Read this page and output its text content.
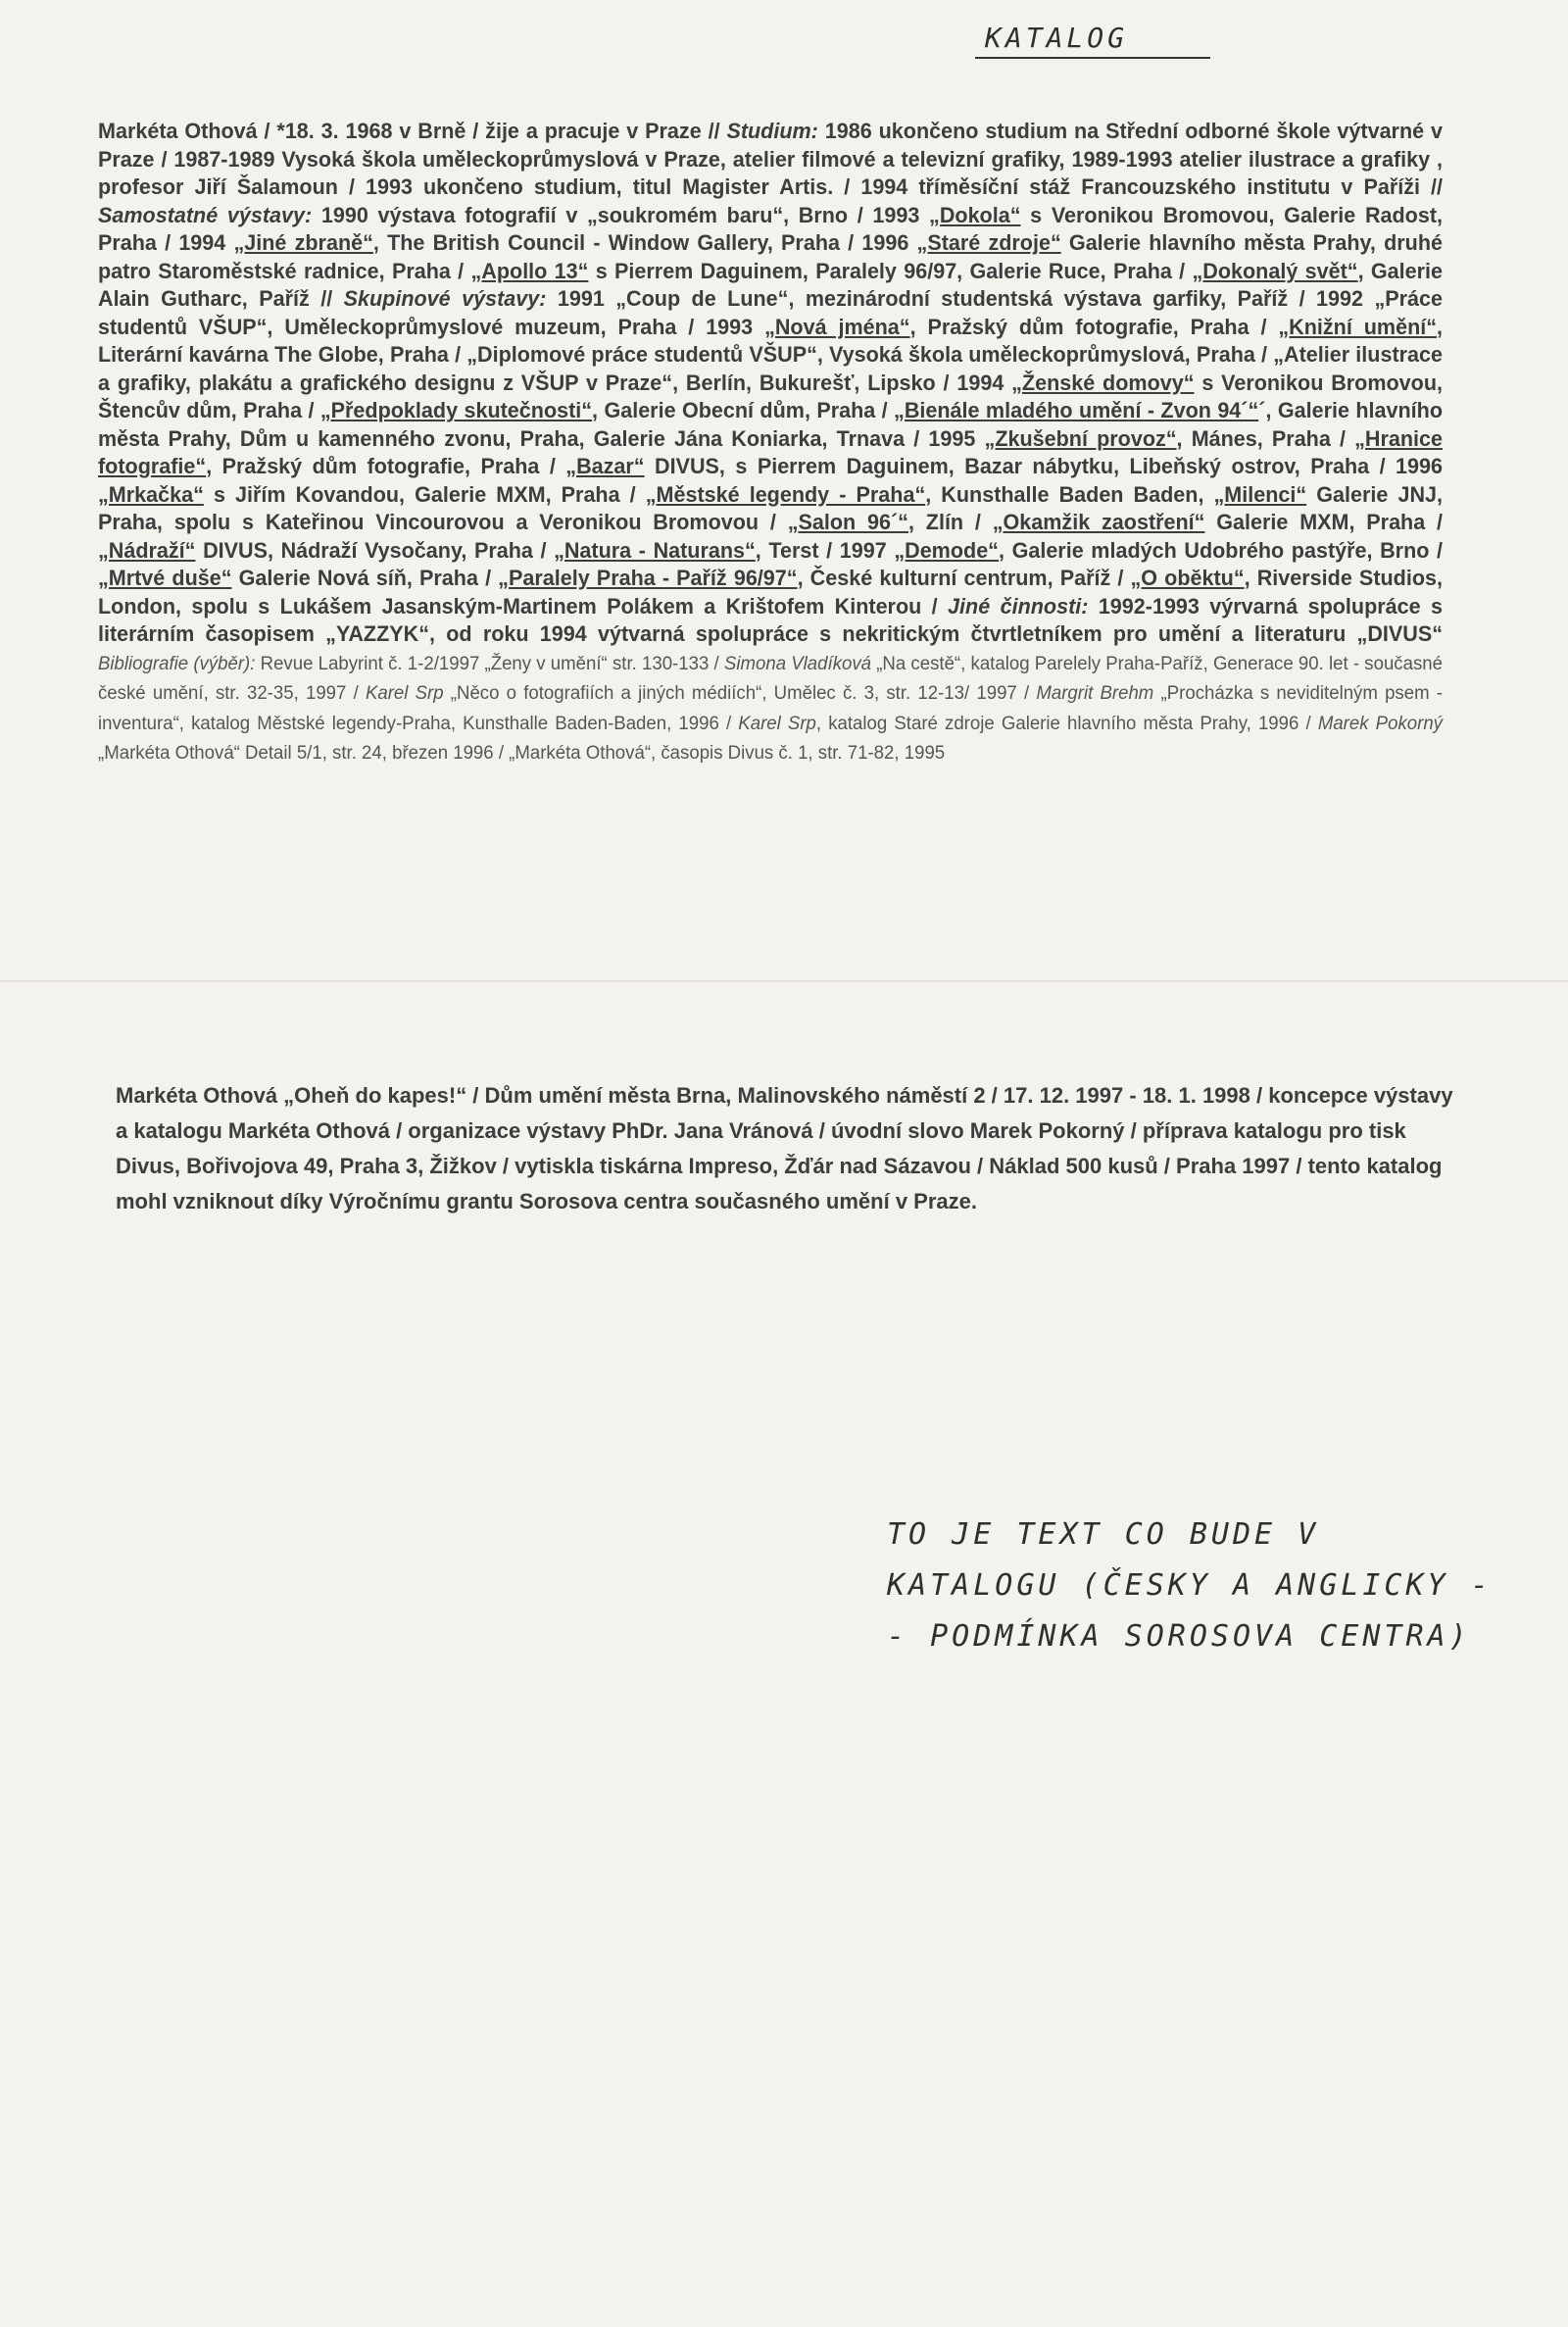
KATALOG
Markéta Othová / *18. 3. 1968 v Brně / žije a pracuje v Praze // Studium: 1986 ukončeno studium na Střední odborné škole výtvarné v Praze / 1987-1989 Vysoká škola uměleckoprůmyslová v Praze, atelier filmové a televizní grafiky, 1989-1993 atelier ilustrace a grafiky , profesor Jiří Šalamoun / 1993 ukončeno studium, titul Magister Artis. / 1994 tříměsíční stáž Francouzského institutu v Paříži // Samostatné výstavy: 1990 výstava fotografií v „soukromém baru“, Brno / 1993 „Dokola“ s Veronikou Bromovou, Galerie Radost, Praha / 1994 „Jiné zbraně“, The British Council - Window Gallery, Praha / 1996 „Staré zdroje“ Galerie hlavního města Prahy, druhé patro Staroměstské radnice, Praha / „Apollo 13“ s Pierrem Daguinem, Paralely 96/97, Galerie Ruce, Praha / „Dokonalý svět“, Galerie Alain Gutharc, Paříž // Skupinové výstavy: 1991 „Coup de Lune“, mezinárodní studentská výstava garfiky, Paříž / 1992 „Práce studentů VŠUP“, Uměleckoprůmyslové muzeum, Praha / 1993 „Nová jména“, Pražský dům fotografie, Praha / „Knižní umění“, Literární kavárna The Globe, Praha / „Diplomové práce studentů VŠUP“, Vysoká škola uměleckoprůmyslová, Praha / „Atelier ilustrace a grafiky, plakátu a grafického designu z VŠUP v Praze“, Berlín, Bukurešť, Lipsko / 1994 „Ženské domovy“ s Veronikou Bromovou, Štencův dům, Praha / „Předpoklady skutečnosti“, Galerie Obecní dům, Praha / „Bienále mladého umění - Zvon 94´“´, Galerie hlavního města Prahy, Dům u kamenného zvonu, Praha, Galerie Jána Koniarka, Trnava / 1995 „Zkušební provoz“, Mánes, Praha / „Hranice fotografie“, Pražský dům fotografie, Praha / „Bazar“ DIVUS, s Pierrem Daguinem, Bazar nábytku, Libeňský ostrov, Praha / 1996 „Mrkačka“ s Jiřím Kovandou, Galerie MXM, Praha / „Městské legendy - Praha“, Kunsthalle Baden Baden, „Milenci“ Galerie JNJ, Praha, spolu s Kateřinou Vincourovou a Veronikou Bromovou / „Salon 96´“, Zlín / „Okamžik zaostření“ Galerie MXM, Praha / „Nádraží“ DIVUS, Nádraží Vysočany, Praha / „Natura - Naturans“, Terst / 1997 „Demode“, Galerie mladých Udobrého pastýře, Brno / „Mrtvé duše“ Galerie Nová síň, Praha / „Paralely Praha - Paříž 96/97“, České kulturní centrum, Paříž / „O obĕktu“, Riverside Studios, London, spolu s Lukášem Jasanským-Martinem Polákem a Krištofem Kinterou / Jiné činnosti: 1992-1993 výrvarná spolupráce s literárním časopisem „YAZZYK“, od roku 1994 výtvarná spolupráce s nekritickým čtvrtletníkem pro umění a literaturu „DIVUS“ Bibliografie (výběr): Revue Labyrint č. 1-2/1997 „Ženy v umění“ str. 130-133 / Simona Vladíková „Na cestě“, katalog Parelely Praha-Paříž, Generace 90. let - současné české umění, str. 32-35, 1997 / Karel Srp „Něco o fotografiích a jiných médiích“, Umělec č. 3, str. 12-13/ 1997 / Margrit Brehm „Procházka s neviditelným psem - inventura“, katalog Městské legendy-Praha, Kunsthalle Baden-Baden, 1996 / Karel Srp, katalog Staré zdroje Galerie hlavního města Prahy, 1996 / Marek Pokorný „Markéta Othová“ Detail 5/1, str. 24, březen 1996 / „Markéta Othová“, časopis Divus č. 1, str. 71-82, 1995
Markéta Othová „Oheň do kapes!“ / Dům umění města Brna, Malinovského náměstí 2 / 17. 12. 1997 - 18. 1. 1998 / koncepce výstavy a katalogu Markéta Othová / organizace výstavy PhDr. Jana Vránová / úvodní slovo Marek Pokorný / příprava katalogu pro tisk Divus, Bořivojova 49, Praha 3, Žižkov / vytiskla tiskárna Impreso, Žďár nad Sázavou / Náklad 500 kusů / Praha 1997 / tento katalog mohl vzniknout díky Výročnímu grantu Sorosova centra současného umění v Praze.
TO JE TEXT CO BUDE V
KATALOGU (ČESKY A ANGLICKY -
- PODMÍNKA SOROSOVA CENTRA)
